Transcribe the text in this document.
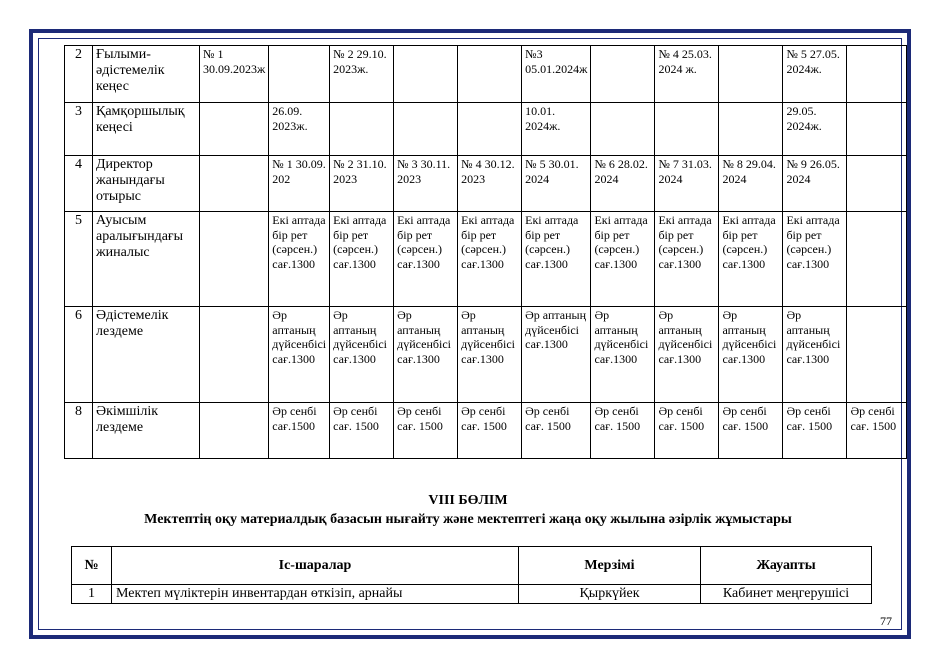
2	Ғылыми-әдістемелік кеңес	№ 1 30.09.2023ж		№ 2 29.10. 2023ж.			№3 05.01.2024ж		№ 4 25.03. 2024 ж.		№ 5 27.05. 2024ж.	
3	Қамқоршылық кеңесі		26.09. 2023ж.				10.01. 2024ж.				29.05. 2024ж.	
4	Директор жанындағы отырыс		№ 1 30.09. 202	№ 2 31.10. 2023	№ 3 30.11. 2023	№ 4 30.12. 2023	№ 5 30.01. 2024	№ 6 28.02. 2024	№ 7 31.03. 2024	№ 8 29.04. 2024	№ 9 26.05. 2024	
5	Ауысым аралығындағы жиналыс		Екі аптада бір рет (сәрсен.) сағ.1300	Екі аптада бір рет (сәрсен.) сағ.1300	Екі аптада бір рет (сәрсен.) сағ.1300	Екі аптада бір рет (сәрсен.) сағ.1300	Екі аптада бір рет (сәрсен.) сағ.1300	Екі аптада бір рет (сәрсен.) сағ.1300	Екі аптада бір рет (сәрсен.) сағ.1300	Екі аптада бір рет (сәрсен.) сағ.1300	Екі аптада бір рет (сәрсен.) сағ.1300	
6	Әдістемелік лездеме		Әр аптаның дүйсенбісі сағ.1300	Әр аптаның дүйсенбісі сағ.1300	Әр аптаның дүйсенбісі сағ.1300	Әр аптаның дүйсенбісі сағ.1300	Әр аптаның дүйсенбісі сағ.1300	Әр аптаның дүйсенбісі сағ.1300	Әр аптаның дүйсенбісі сағ.1300	Әр аптаның дүйсенбісі сағ.1300	Әр аптаның дүйсенбісі сағ.1300	
8	Әкімшілік лездеме		Әр сенбі сағ.1500	Әр сенбі сағ. 1500	Әр сенбі сағ. 1500	Әр сенбі сағ. 1500	Әр сенбі сағ. 1500	Әр сенбі сағ. 1500	Әр сенбі сағ. 1500	Әр сенбі сағ. 1500	Әр сенбі сағ. 1500	Әр сенбі сағ. 1500
VIII БӨЛІМ
Мектептің оқу материалдық базасын нығайту және мектептегі жаңа оқу жылына әзірлік жұмыстары
№	Іс-шаралар	Мерзімі	Жауапты
1	Мектеп мүліктерін инвентардан өткізіп, арнайы	Қыркүйек	Кабинет меңгерушісі
77
